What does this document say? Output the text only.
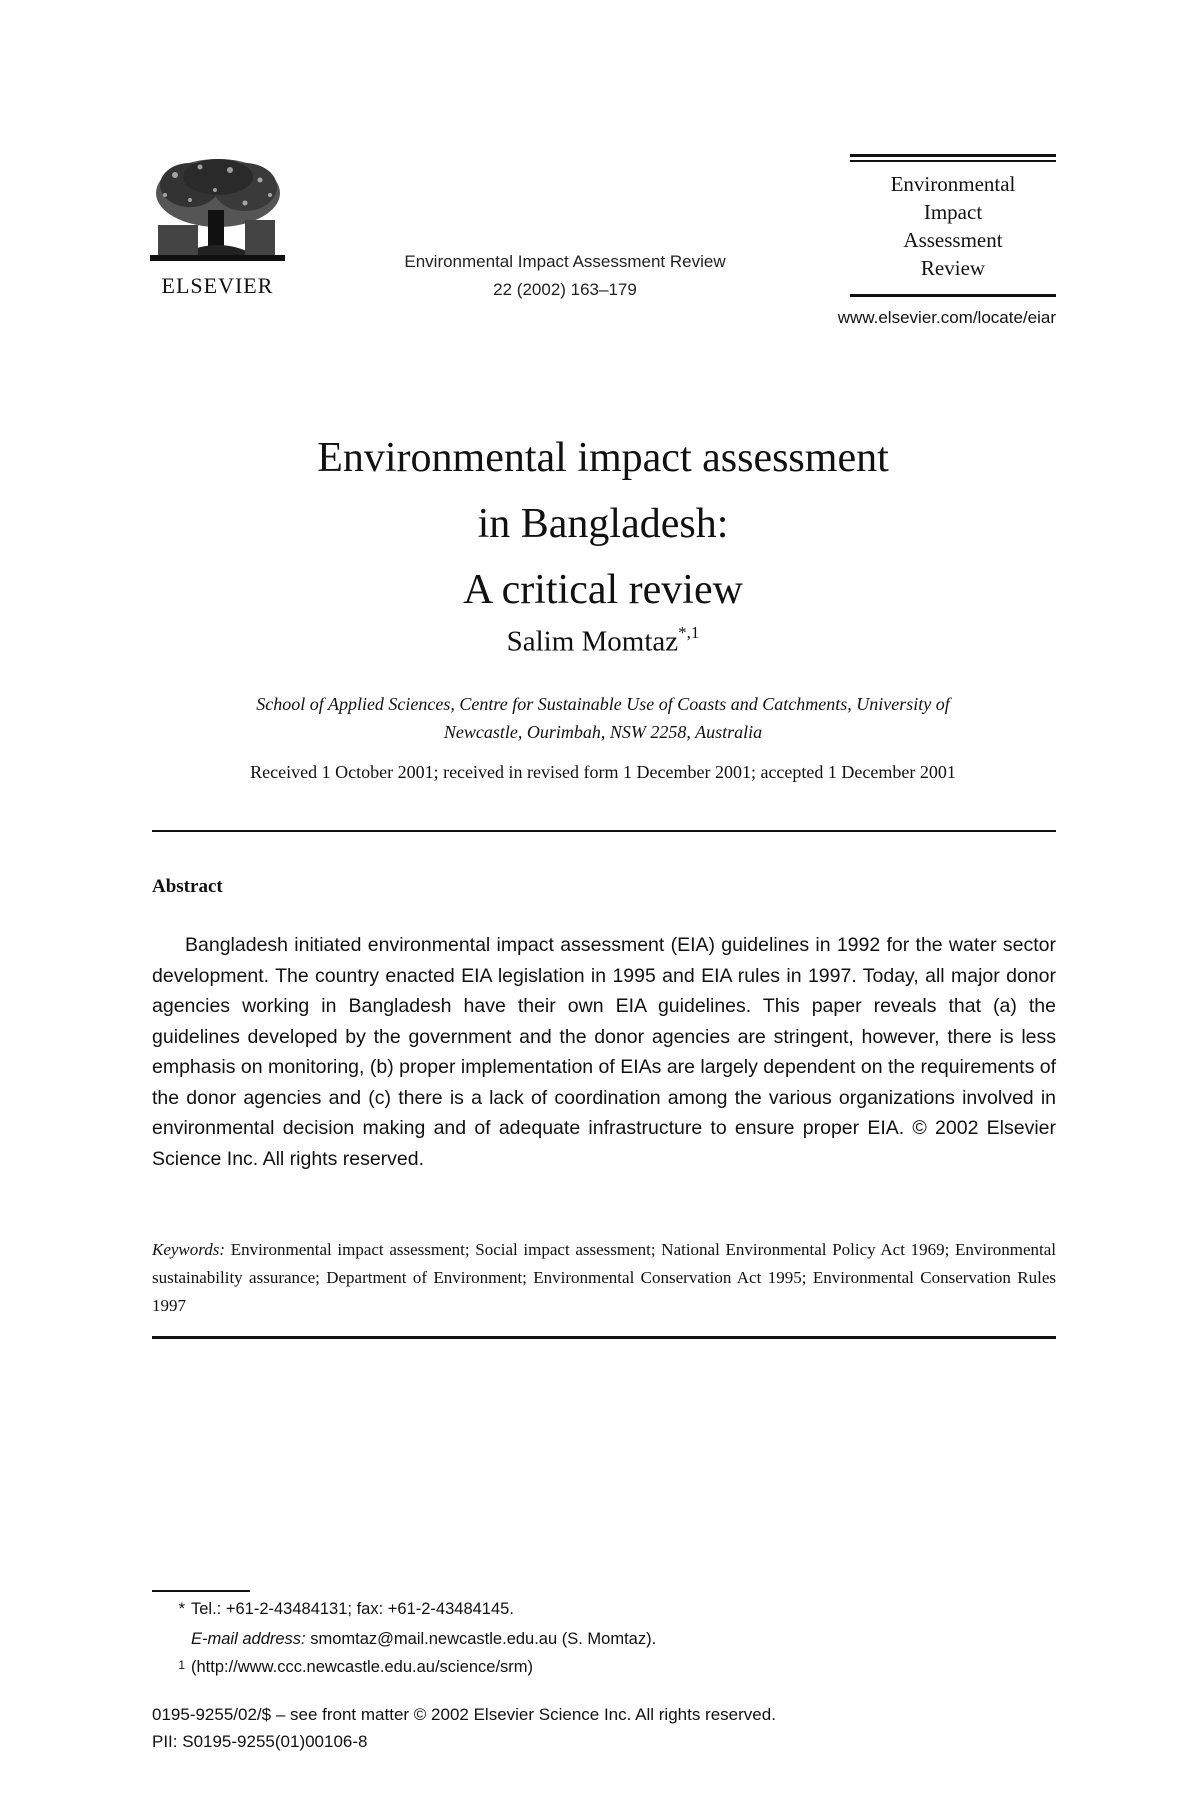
ELSEVIER
Environmental Impact Assessment Review
22 (2002) 163–179
Environmental
Impact
Assessment
Review
www.elsevier.com/locate/eiar
Environmental impact assessment
in Bangladesh:
A critical review
Salim Momtaz$^{*,1}$
School of Applied Sciences, Centre for Sustainable Use of Coasts and Catchments, University of
Newcastle, Ourimbah, NSW 2258, Australia
Received 1 October 2001; received in revised form 1 December 2001; accepted 1 December 2001
Abstract
Bangladesh initiated environmental impact assessment (EIA) guidelines in 1992 for the water sector development. The country enacted EIA legislation in 1995 and EIA rules in 1997. Today, all major donor agencies working in Bangladesh have their own EIA guidelines. This paper reveals that (a) the guidelines developed by the government and the donor agencies are stringent, however, there is less emphasis on monitoring, (b) proper implementation of EIAs are largely dependent on the requirements of the donor agencies and (c) there is a lack of coordination among the various organizations involved in environmental decision making and of adequate infrastructure to ensure proper EIA. © 2002 Elsevier Science Inc. All rights reserved.
Keywords: Environmental impact assessment; Social impact assessment; National Environmental Policy Act 1969; Environmental sustainability assurance; Department of Environment; Environmental Conservation Act 1995; Environmental Conservation Rules 1997
* Tel.: +61-2-43484131; fax: +61-2-43484145.
E-mail address: smomtaz@mail.newcastle.edu.au (S. Momtaz).
1 (http://www.ccc.newcastle.edu.au/science/srm)
0195-9255/02/$ – see front matter © 2002 Elsevier Science Inc. All rights reserved.
PII: S0195-9255(01)00106-8
